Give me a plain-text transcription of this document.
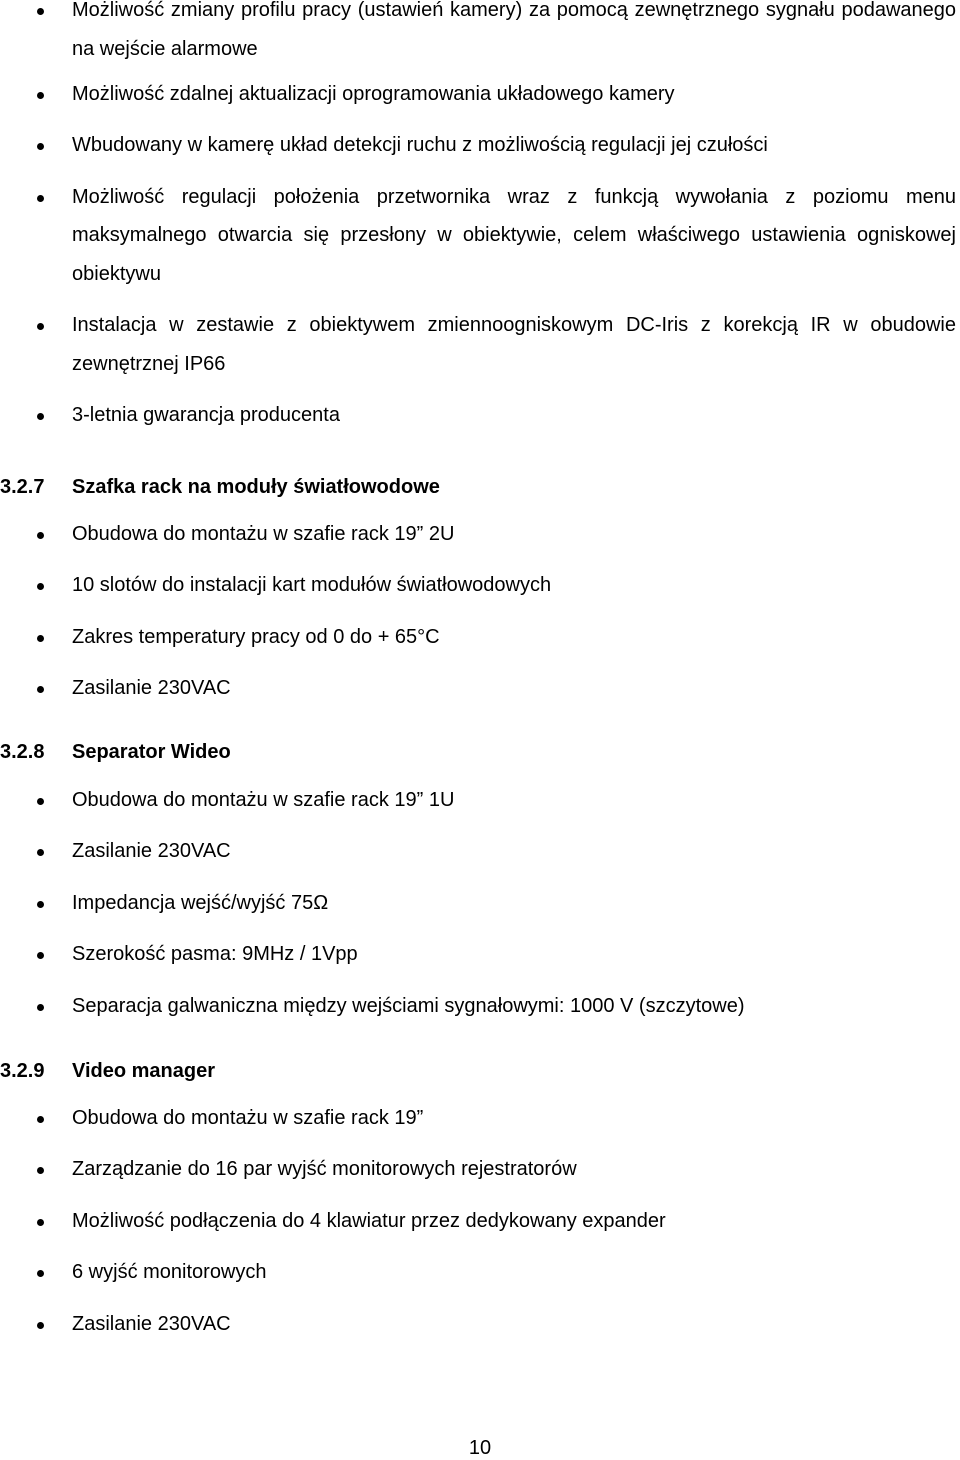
Możliwość zmiany profilu pracy (ustawień kamery) za pomocą zewnętrznego sygnału podawanego na wejście alarmowe
Możliwość zdalnej aktualizacji oprogramowania układowego kamery
Wbudowany w kamerę układ detekcji ruchu z możliwością regulacji jej czułości
Możliwość regulacji położenia przetwornika wraz z funkcją wywołania z poziomu menu maksymalnego otwarcia się przesłony w obiektywie, celem właściwego ustawienia ogniskowej obiektywu
Instalacja w zestawie z obiektywem zmiennoogniskowym DC-Iris z korekcją IR w obudowie zewnętrznej IP66
3-letnia gwarancja producenta
3.2.7 Szafka rack na moduły światłowodowe
Obudowa do montażu w szafie rack 19” 2U
10 slotów do instalacji kart modułów światłowodowych
Zakres temperatury pracy od 0 do + 65°C
Zasilanie 230VAC
3.2.8 Separator Wideo
Obudowa do montażu w szafie rack 19” 1U
Zasilanie 230VAC
Impedancja wejść/wyjść 75Ω
Szerokość pasma: 9MHz / 1Vpp
Separacja galwaniczna między wejściami sygnałowymi: 1000 V (szczytowe)
3.2.9 Video manager
Obudowa do montażu w szafie rack 19”
Zarządzanie do 16 par wyjść monitorowych rejestratorów
Możliwość podłączenia do 4 klawiatur przez dedykowany expander
6 wyjść monitorowych
Zasilanie 230VAC
10
